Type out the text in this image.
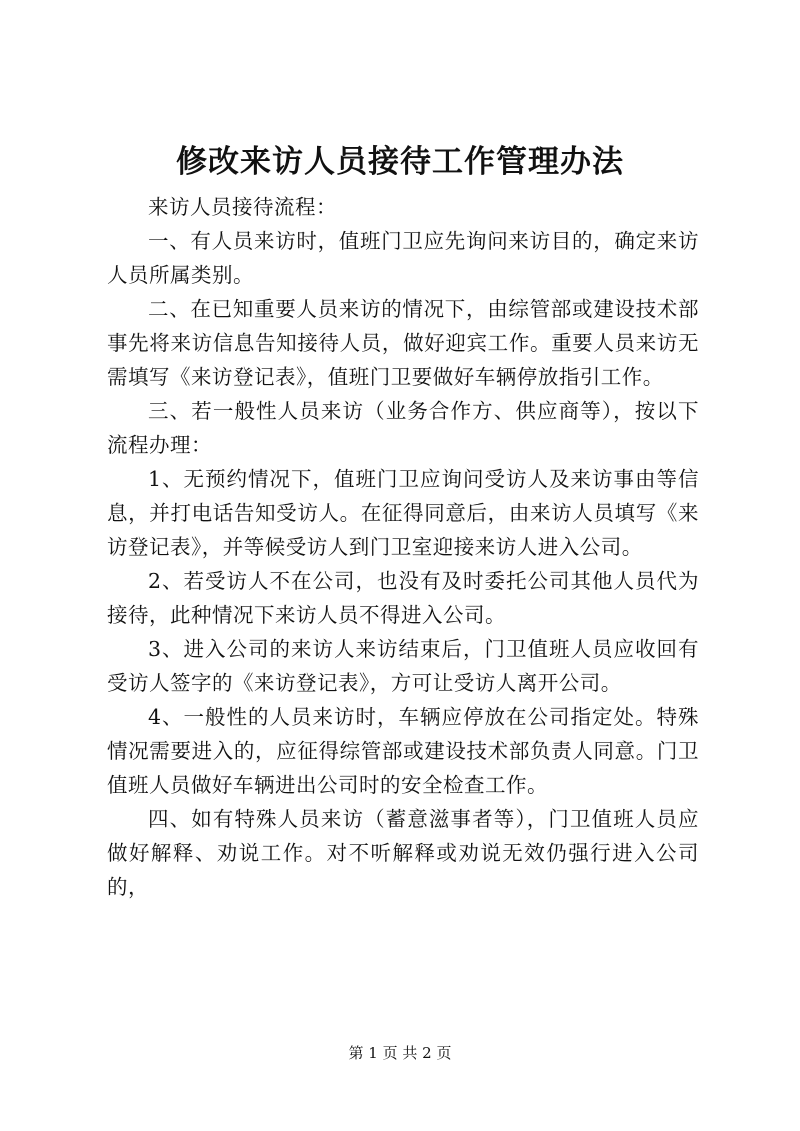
修改来访人员接待工作管理办法

来访人员接待流程：

一、有人员来访时，值班门卫应先询问来访目的，确定来访人员所属类别。

二、在已知重要人员来访的情况下，由综管部或建设技术部事先将来访信息告知接待人员，做好迎宾工作。重要人员来访无需填写《来访登记表》，值班门卫要做好车辆停放指引工作。

三、若一般性人员来访（业务合作方、供应商等），按以下流程办理：

1、无预约情况下，值班门卫应询问受访人及来访事由等信息，并打电话告知受访人。在征得同意后，由来访人员填写《来访登记表》，并等候受访人到门卫室迎接来访人进入公司。

2、若受访人不在公司，也没有及时委托公司其他人员代为接待，此种情况下来访人员不得进入公司。

3、进入公司的来访人来访结束后，门卫值班人员应收回有受访人签字的《来访登记表》，方可让受访人离开公司。

4、一般性的人员来访时，车辆应停放在公司指定处。特殊情况需要进入的，应征得综管部或建设技术部负责人同意。门卫值班人员做好车辆进出公司时的安全检查工作。

四、如有特殊人员来访（蓄意滋事者等），门卫值班人员应做好解释、劝说工作。对不听解释或劝说无效仍强行进入公司的，

第 1 页 共 2 页
